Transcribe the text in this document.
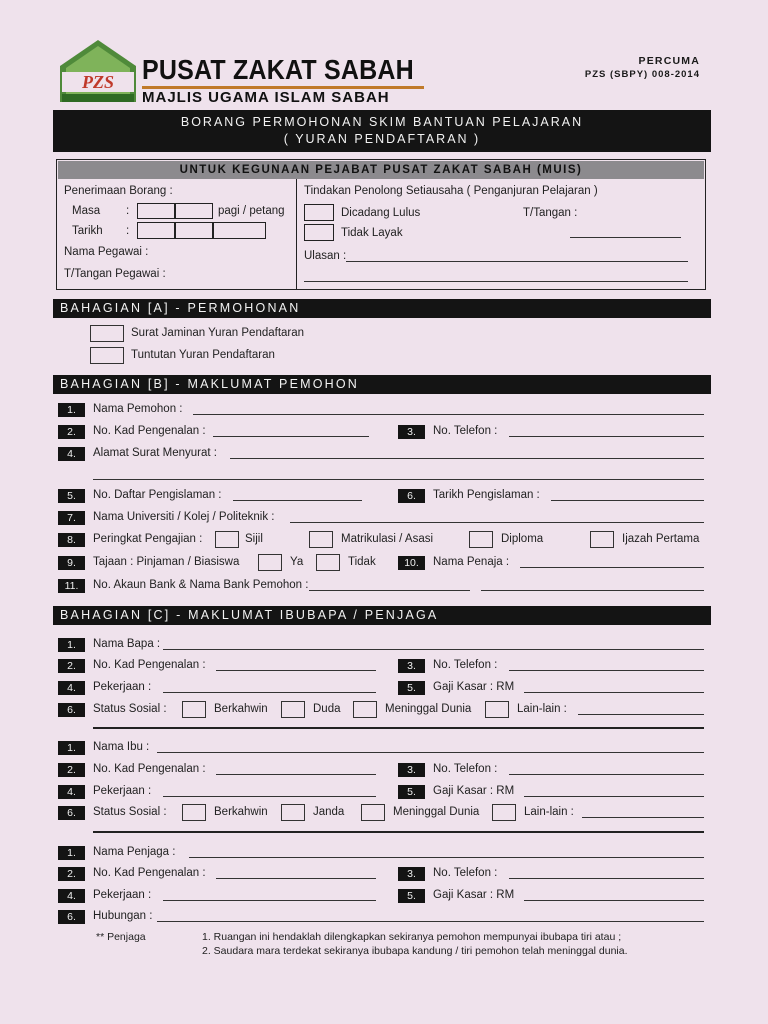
PZS PUSAT ZAKAT SABAH
MAJLIS UGAMA ISLAM SABAH
PERCUMA
PZS (SBPY) 008-2014
BORANG PERMOHONAN SKIM BANTUAN PELAJARAN
( YURAN PENDAFTARAN )
UNTUK KEGUNAAN PEJABAT PUSAT ZAKAT SABAH (MUIS)
Penerimaan Borang :
Masa :	pagi / petang
Tarikh :
Nama Pegawai :
T/Tangan Pegawai :
Tindakan Penolong Setiausaha ( Penganjuran Pelajaran )
Dicadang Lulus
Tidak Layak
T/Tangan :
Ulasan :
BAHAGIAN [A] - PERMOHONAN
Surat Jaminan Yuran Pendaftaran
Tuntutan Yuran Pendaftaran
BAHAGIAN [B] - MAKLUMAT PEMOHON
1.	Nama Pemohon :
2.	No. Kad Pengenalan :	3.	No. Telefon :
4.	Alamat Surat Menyurat :
5.	No. Daftar Pengislaman :	6.	Tarikh Pengislaman :
7.	Nama Universiti / Kolej / Politeknik :
8.	Peringkat Pengajian :	Sijil	Matrikulasi / Asasi	Diploma	Ijazah Pertama
9.	Tajaan : Pinjaman / Biasiswa	Ya	Tidak	10.	Nama Penaja :
11.	No. Akaun Bank & Nama Bank Pemohon :
BAHAGIAN [C] - MAKLUMAT IBUBAPA / PENJAGA
1.	Nama Bapa :
2.	No. Kad Pengenalan :	3.	No. Telefon :
4.	Pekerjaan :	5.	Gaji Kasar : RM
6.	Status Sosial :	Berkahwin	Duda	Meninggal Dunia	Lain-lain :
1.	Nama Ibu :
2.	No. Kad Pengenalan :	3.	No. Telefon :
4.	Pekerjaan :	5.	Gaji Kasar : RM
6.	Status Sosial :	Berkahwin	Janda	Meninggal Dunia	Lain-lain :
1.	Nama Penjaga :
2.	No. Kad Pengenalan :	3.	No. Telefon :
4.	Pekerjaan :	5.	Gaji Kasar : RM
6.	Hubungan :
** Penjaga	1. Ruangan ini hendaklah dilengkapkan sekiranya pemohon mempunyai ibubapa tiri atau ;
2. Saudara mara terdekat sekiranya ibubapa kandung / tiri pemohon telah meninggal dunia.
